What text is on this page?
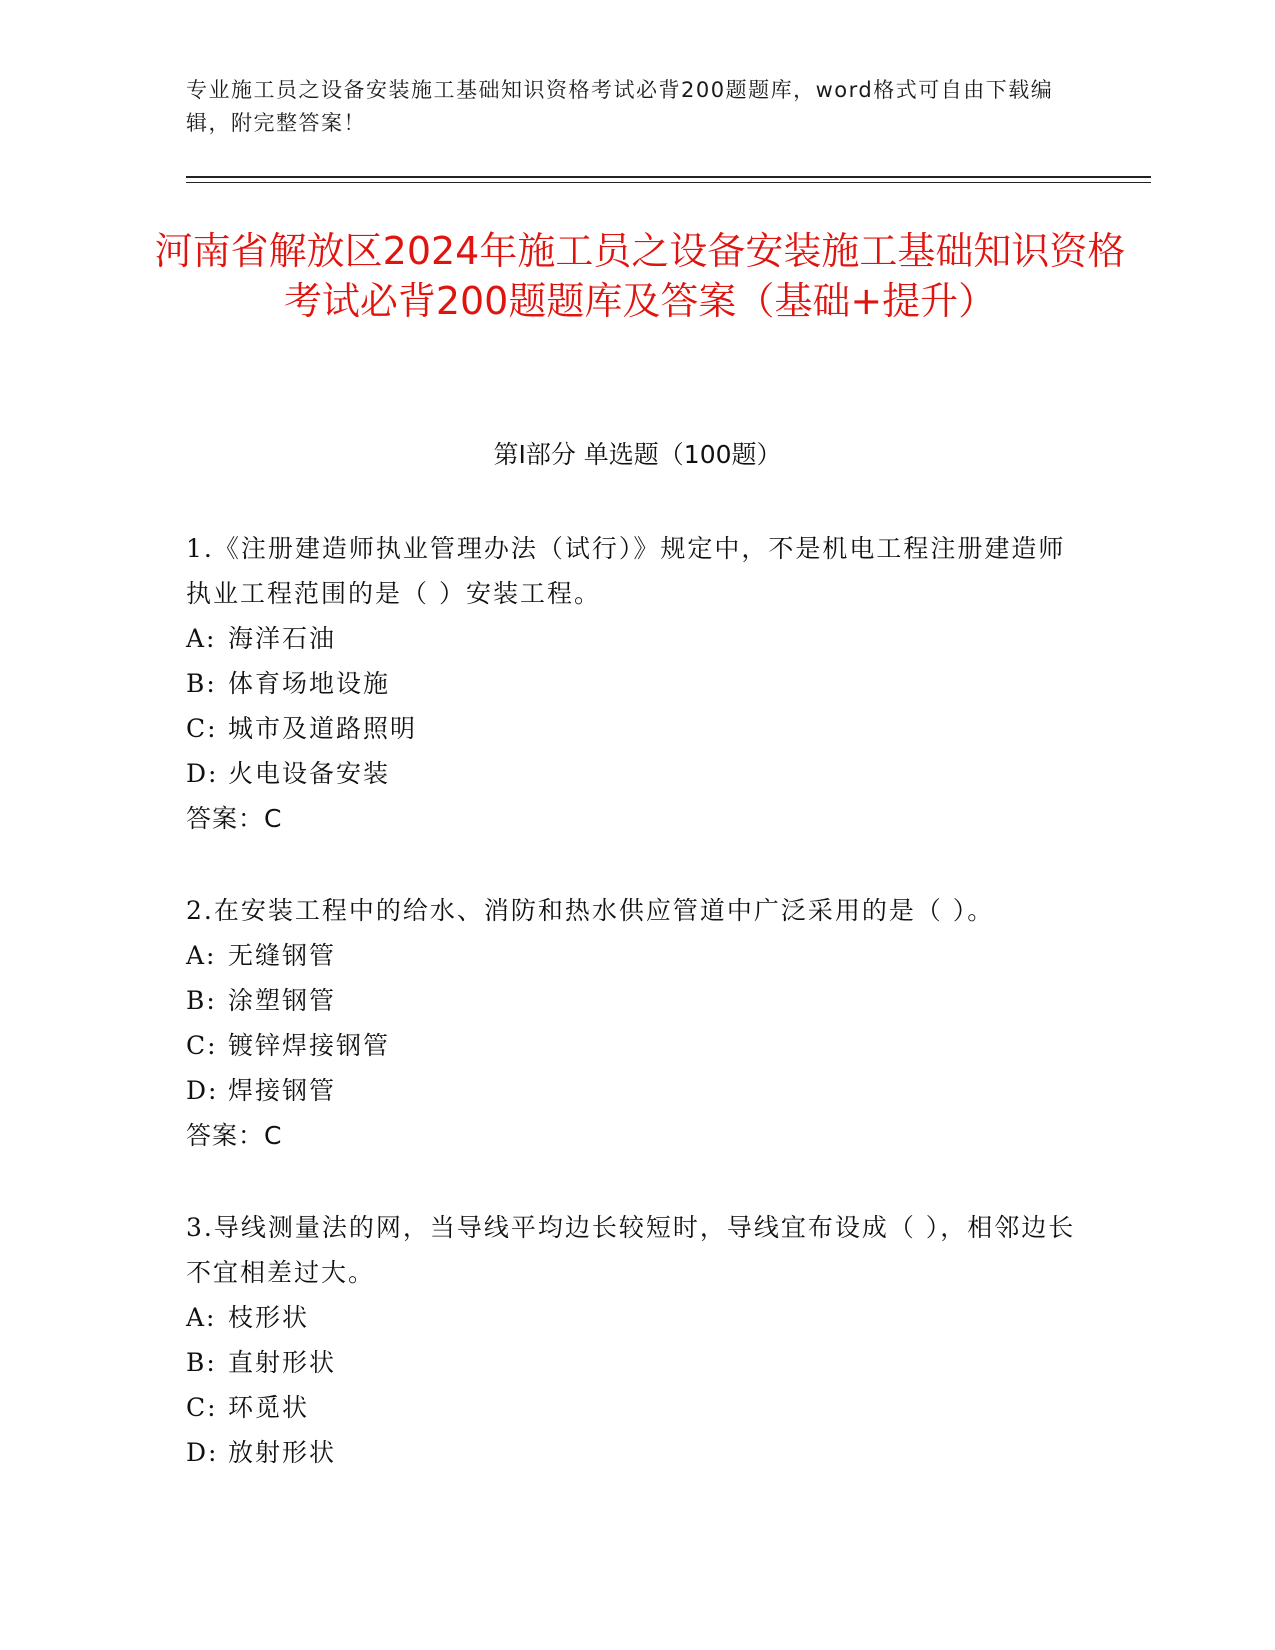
专业施工员之设备安装施工基础知识资格考试必背200题题库，word格式可自由下载编辑，附完整答案！
河南省解放区2024年施工员之设备安装施工基础知识资格考试必背200题题库及答案（基础+提升）
第I部分 单选题（100题）
1.《注册建造师执业管理办法（试行）》规定中，不是机电工程注册建造师执业工程范围的是（ ）安装工程。
A: 海洋石油
B: 体育场地设施
C: 城市及道路照明
D: 火电设备安装
答案：C
2.在安装工程中的给水、消防和热水供应管道中广泛采用的是（ ）。
A: 无缝钢管
B: 涂塑钢管
C: 镀锌焊接钢管
D: 焊接钢管
答案：C
3.导线测量法的网，当导线平均边长较短时，导线宜布设成（ ），相邻边长不宜相差过大。
A: 枝形状
B: 直射形状
C: 环觅状
D: 放射形状
